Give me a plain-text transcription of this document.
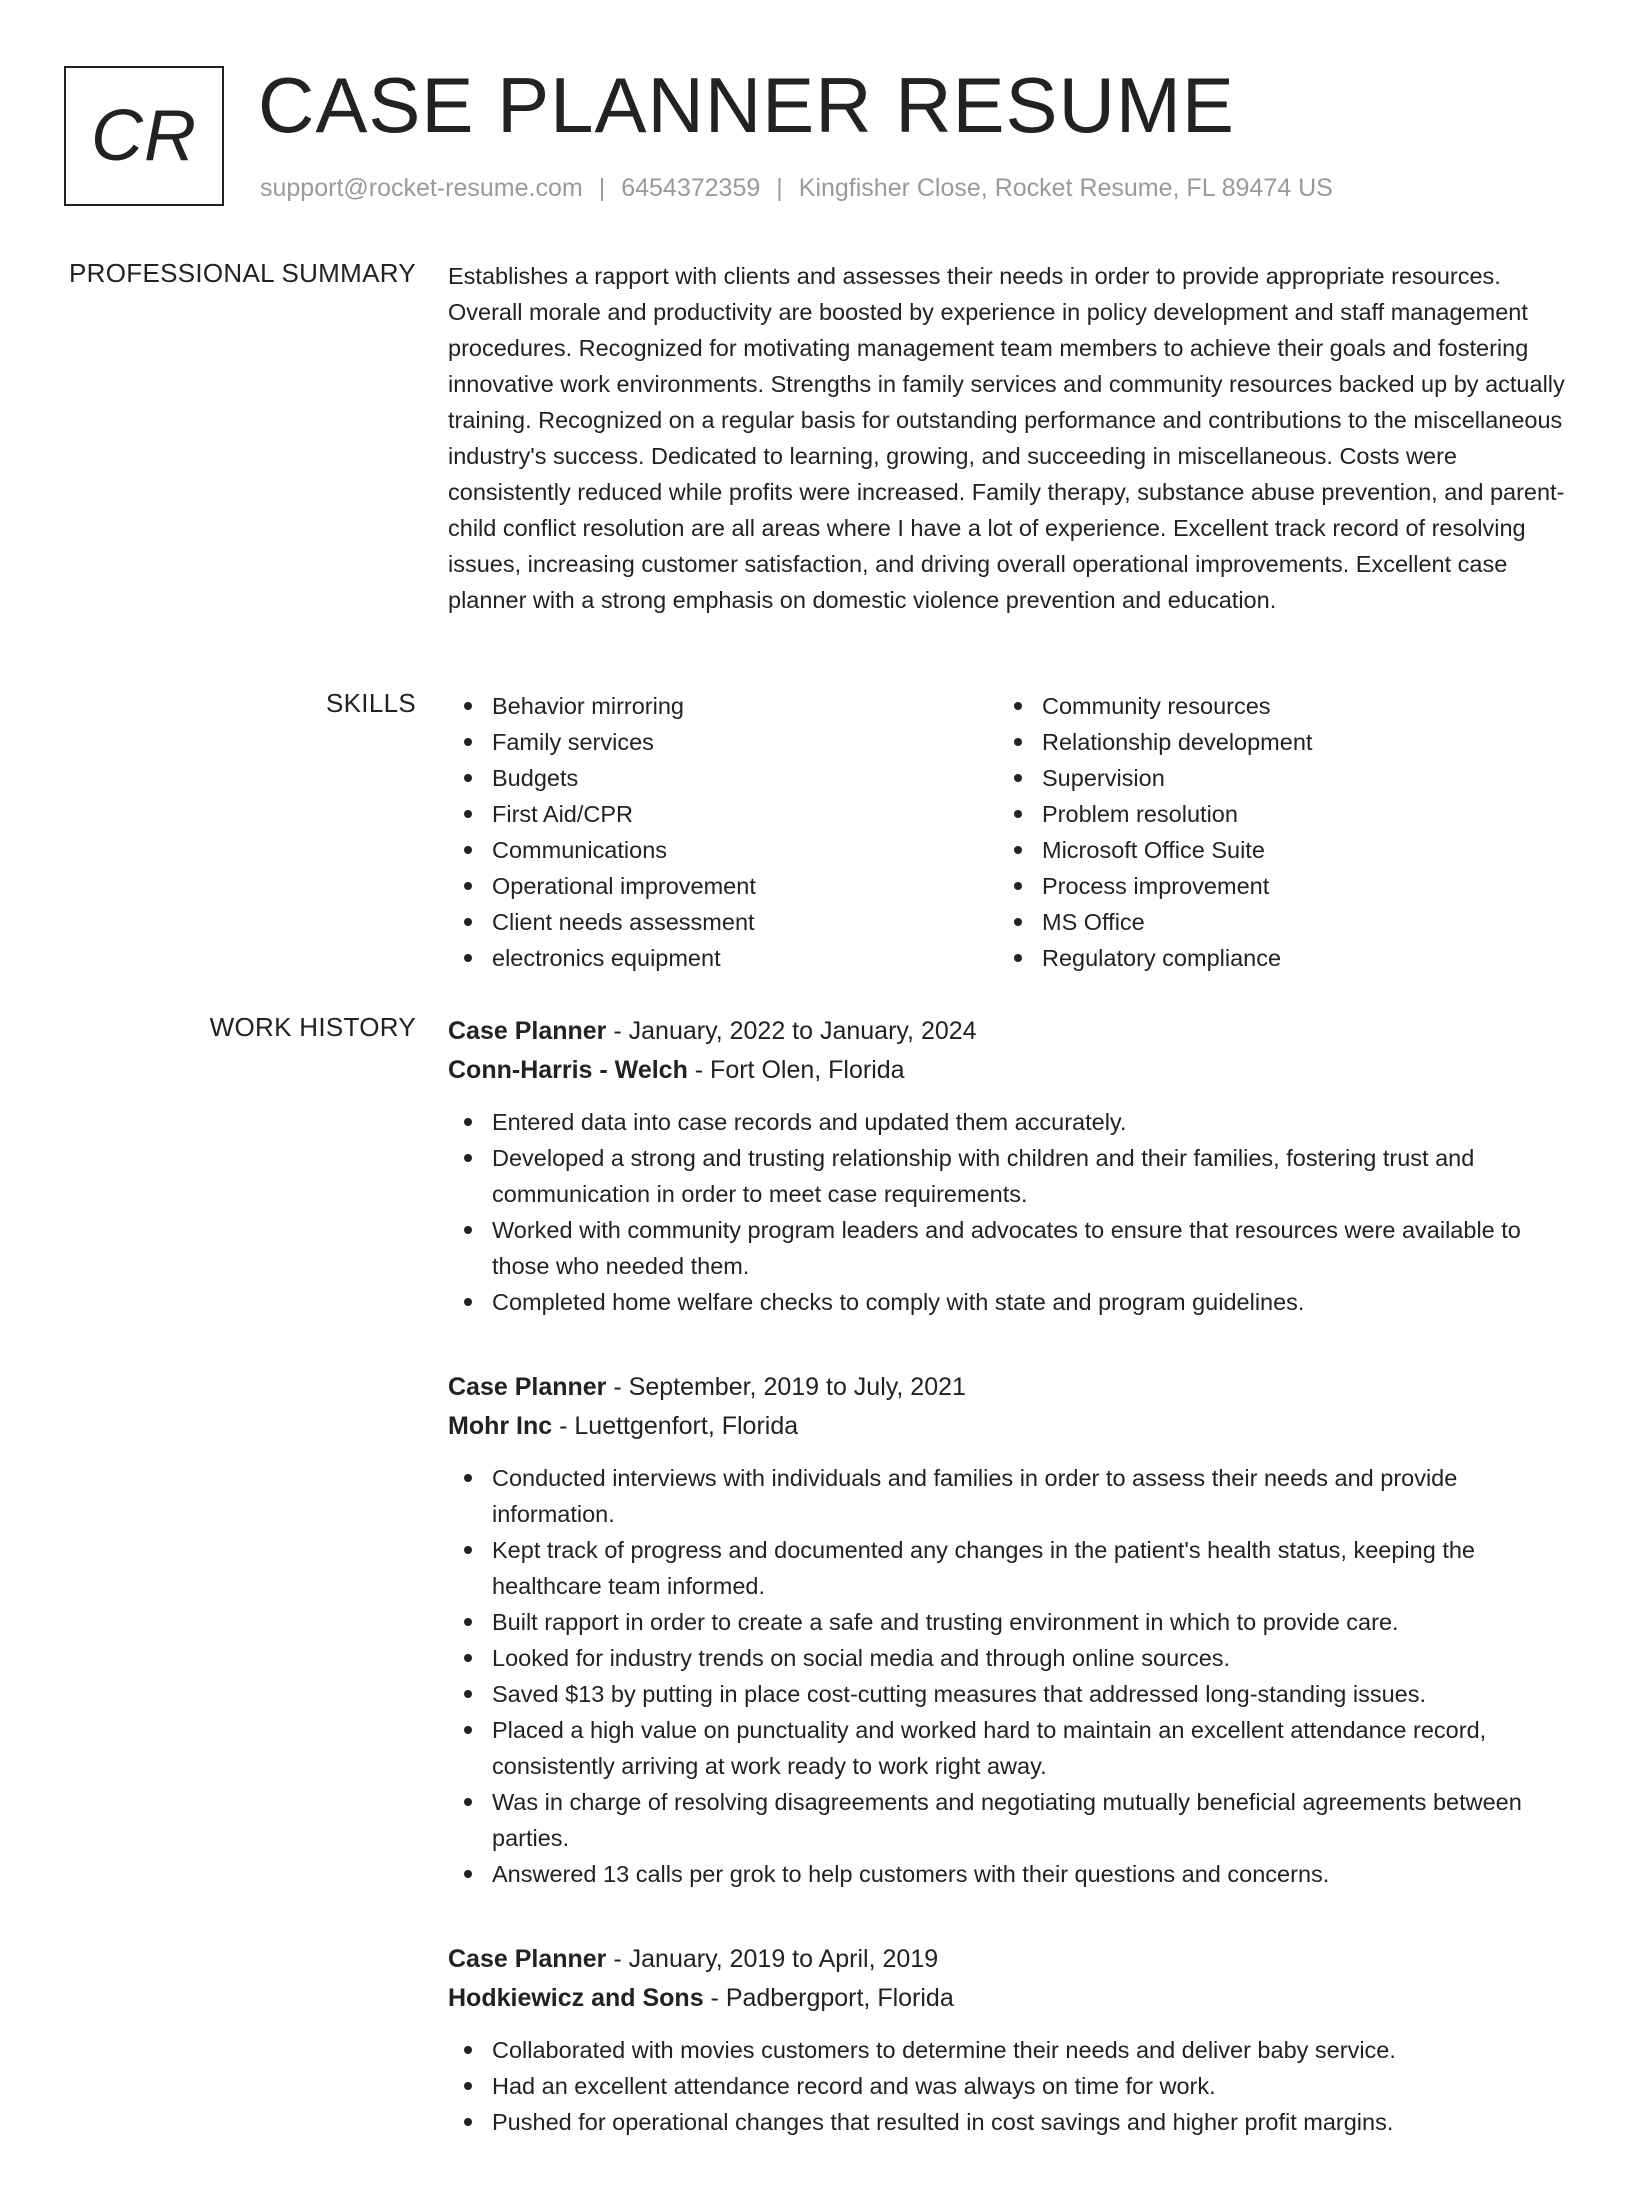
CR CASE PLANNER RESUME
support@rocket-resume.com | 6454372359 | Kingfisher Close, Rocket Resume, FL 89474 US
PROFESSIONAL SUMMARY Establishes a rapport with clients and assesses their needs in order to provide appropriate resources. Overall morale and productivity are boosted by experience in policy development and staff management procedures. Recognized for motivating management team members to achieve their goals and fostering innovative work environments. Strengths in family services and community resources backed up by actually training. Recognized on a regular basis for outstanding performance and contributions to the miscellaneous industry's success. Dedicated to learning, growing, and succeeding in miscellaneous. Costs were consistently reduced while profits were increased. Family therapy, substance abuse prevention, and parent-child conflict resolution are all areas where I have a lot of experience. Excellent track record of resolving issues, increasing customer satisfaction, and driving overall operational improvements. Excellent case planner with a strong emphasis on domestic violence prevention and education.

SKILLS	Behavior mirroring
Family services
Budgets
First Aid/CPR
Communications
Operational improvement
Client needs assessment
electronics equipment
Community resources
Relationship development
Supervision
Problem resolution
Microsoft Office Suite
Process improvement
MS Office
Regulatory compliance
WORK HISTORY Case Planner - January, 2022 to January, 2024
Conn-Harris - Welch - Fort Olen, Florida
Entered data into case records and updated them accurately.
Developed a strong and trusting relationship with children and their families, fostering trust and communication in order to meet case requirements.
Worked with community program leaders and advocates to ensure that resources were available to those who needed them.
Completed home welfare checks to comply with state and program guidelines.
Case Planner - September, 2019 to July, 2021
Mohr Inc - Luettgenfort, Florida
Conducted interviews with individuals and families in order to assess their needs and provide information.
Kept track of progress and documented any changes in the patient's health status, keeping the healthcare team informed.
Built rapport in order to create a safe and trusting environment in which to provide care.
Looked for industry trends on social media and through online sources.
Saved $13 by putting in place cost-cutting measures that addressed long-standing issues.
Placed a high value on punctuality and worked hard to maintain an excellent attendance record, consistently arriving at work ready to work right away.
Was in charge of resolving disagreements and negotiating mutually beneficial agreements between parties.
Answered 13 calls per grok to help customers with their questions and concerns.
Case Planner - January, 2019 to April, 2019
Hodkiewicz and Sons - Padbergport, Florida
Collaborated with movies customers to determine their needs and deliver baby service.
Had an excellent attendance record and was always on time for work.
Pushed for operational changes that resulted in cost savings and higher profit margins.
